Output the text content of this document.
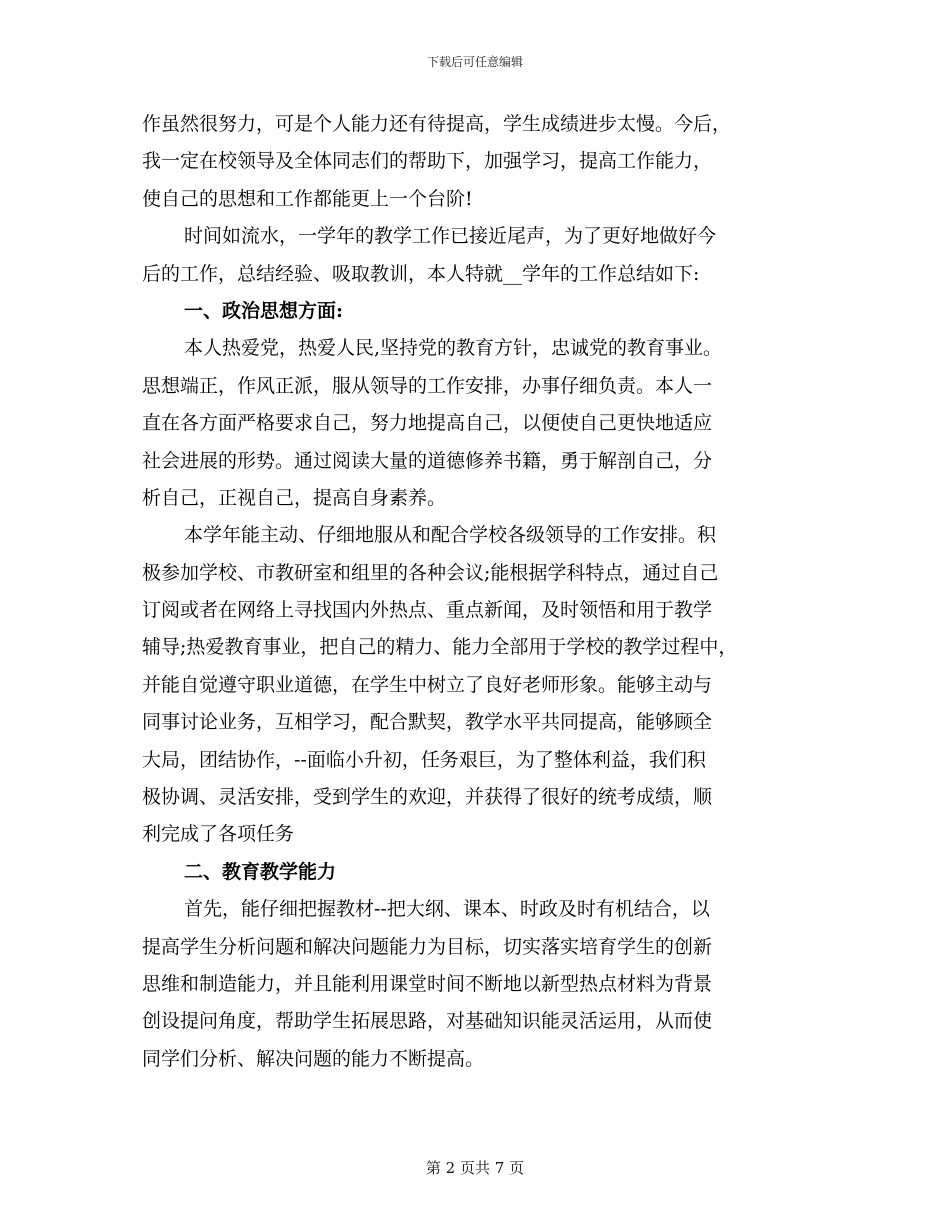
下载后可任意编辑
作虽然很努力，可是个人能力还有待提高，学生成绩进步太慢。今后，
我一定在校领导及全体同志们的帮助下，加强学习，提高工作能力，
使自己的思想和工作都能更上一个台阶!
时间如流水，一学年的教学工作已接近尾声，为了更好地做好今
后的工作，总结经验、吸取教训，本人特就__学年的工作总结如下:
一、政治思想方面:
本人热爱党，热爱人民,坚持党的教育方针，忠诚党的教育事业。
思想端正，作风正派，服从领导的工作安排，办事仔细负责。本人一
直在各方面严格要求自己，努力地提高自己，以便使自己更快地适应
社会进展的形势。通过阅读大量的道德修养书籍，勇于解剖自己，分
析自己，正视自己，提高自身素养。
本学年能主动、仔细地服从和配合学校各级领导的工作安排。积
极参加学校、市教研室和组里的各种会议;能根据学科特点，通过自己
订阅或者在网络上寻找国内外热点、重点新闻，及时领悟和用于教学
辅导;热爱教育事业，把自己的精力、能力全部用于学校的教学过程中，
并能自觉遵守职业道德，在学生中树立了良好老师形象。能够主动与
同事讨论业务，互相学习，配合默契，教学水平共同提高，能够顾全
大局，团结协作，--面临小升初，任务艰巨，为了整体利益，我们积
极协调、灵活安排，受到学生的欢迎，并获得了很好的统考成绩，顺
利完成了各项任务
二、教育教学能力
首先，能仔细把握教材--把大纲、课本、时政及时有机结合，以
提高学生分析问题和解决问题能力为目标，切实落实培育学生的创新
思维和制造能力，并且能利用课堂时间不断地以新型热点材料为背景
创设提问角度，帮助学生拓展思路，对基础知识能灵活运用，从而使
同学们分析、解决问题的能力不断提高。
第 2 页共 7 页
